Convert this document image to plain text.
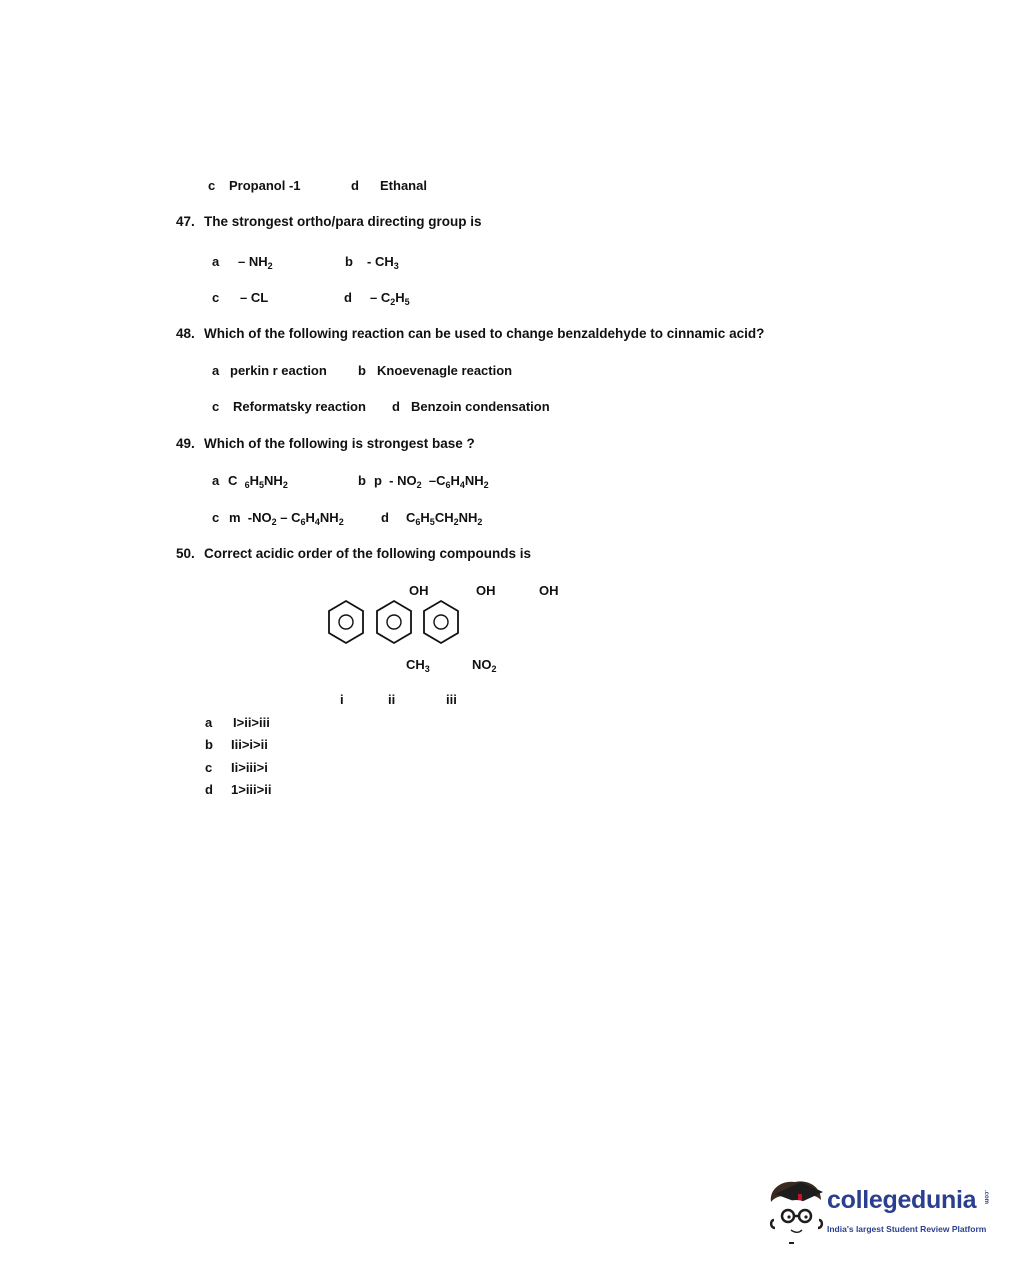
c Propanol -1	d Ethanal
47. The strongest ortho/para directing group is
a – $NH_2$	b - $CH_3$
c – CL	d – $C_2H_5$
48. Which of the following reaction can be used to change benzaldehyde to cinnamic acid?
a perkin r eaction b Knoevenagle reaction
c Reformatsky reaction d Benzoin condensation
49. Which of the following is strongest base ?
a C  $_6H_5NH_2$	b p  - $NO_2$  $-C_6H_4NH_2$
c m  $-NO_2 - C_6H_4NH_2$	d $C_6H_5CH_2NH_2$
50. Correct acidic order of the following compounds is
OH	OH	OH
$CH_3$	$NO_2$
i	ii	iii
a I>ii>iii
b Iii>i>ii
c Ii>iii>i
d 1>iii>ii
collegedunia .com
India's largest Student Review Platform
